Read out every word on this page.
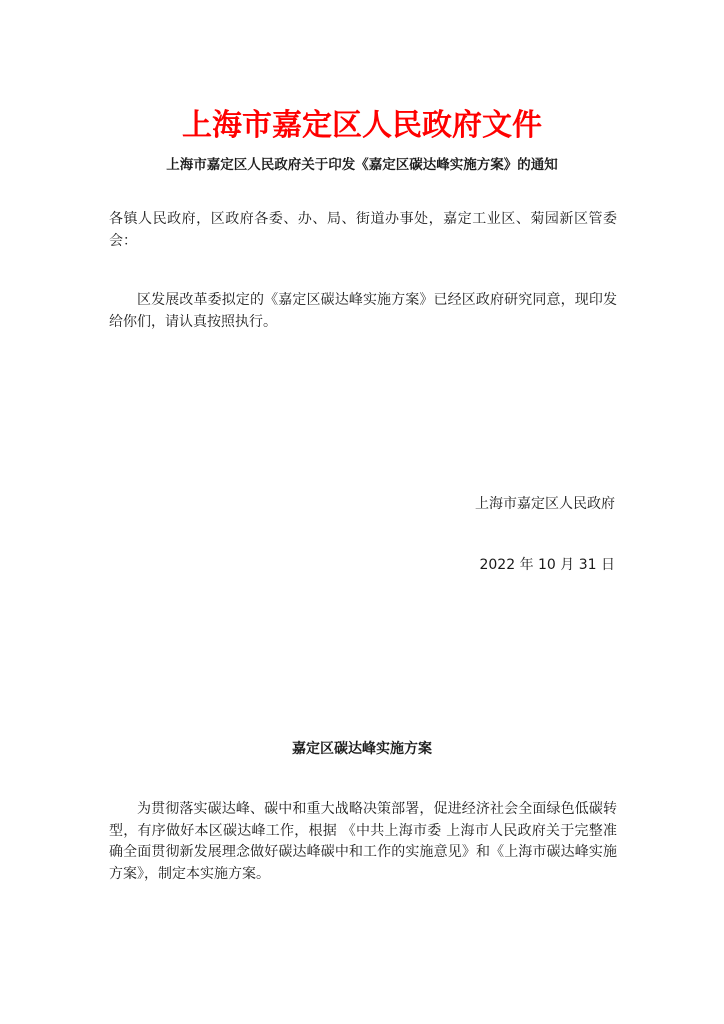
上海市嘉定区人民政府文件
上海市嘉定区人民政府关于印发《嘉定区碳达峰实施方案》的通知
各镇人民政府，区政府各委、办、局、街道办事处，嘉定工业区、菊园新区管委会：
区发展改革委拟定的《嘉定区碳达峰实施方案》已经区政府研究同意，现印发给你们，请认真按照执行。
上海市嘉定区人民政府
2022 年 10 月 31 日
嘉定区碳达峰实施方案
为贯彻落实碳达峰、碳中和重大战略决策部署，促进经济社会全面绿色低碳转型，有序做好本区碳达峰工作，根据 《中共上海市委 上海市人民政府关于完整准确全面贯彻新发展理念做好碳达峰碳中和工作的实施意见》和《上海市碳达峰实施方案》，制定本实施方案。
